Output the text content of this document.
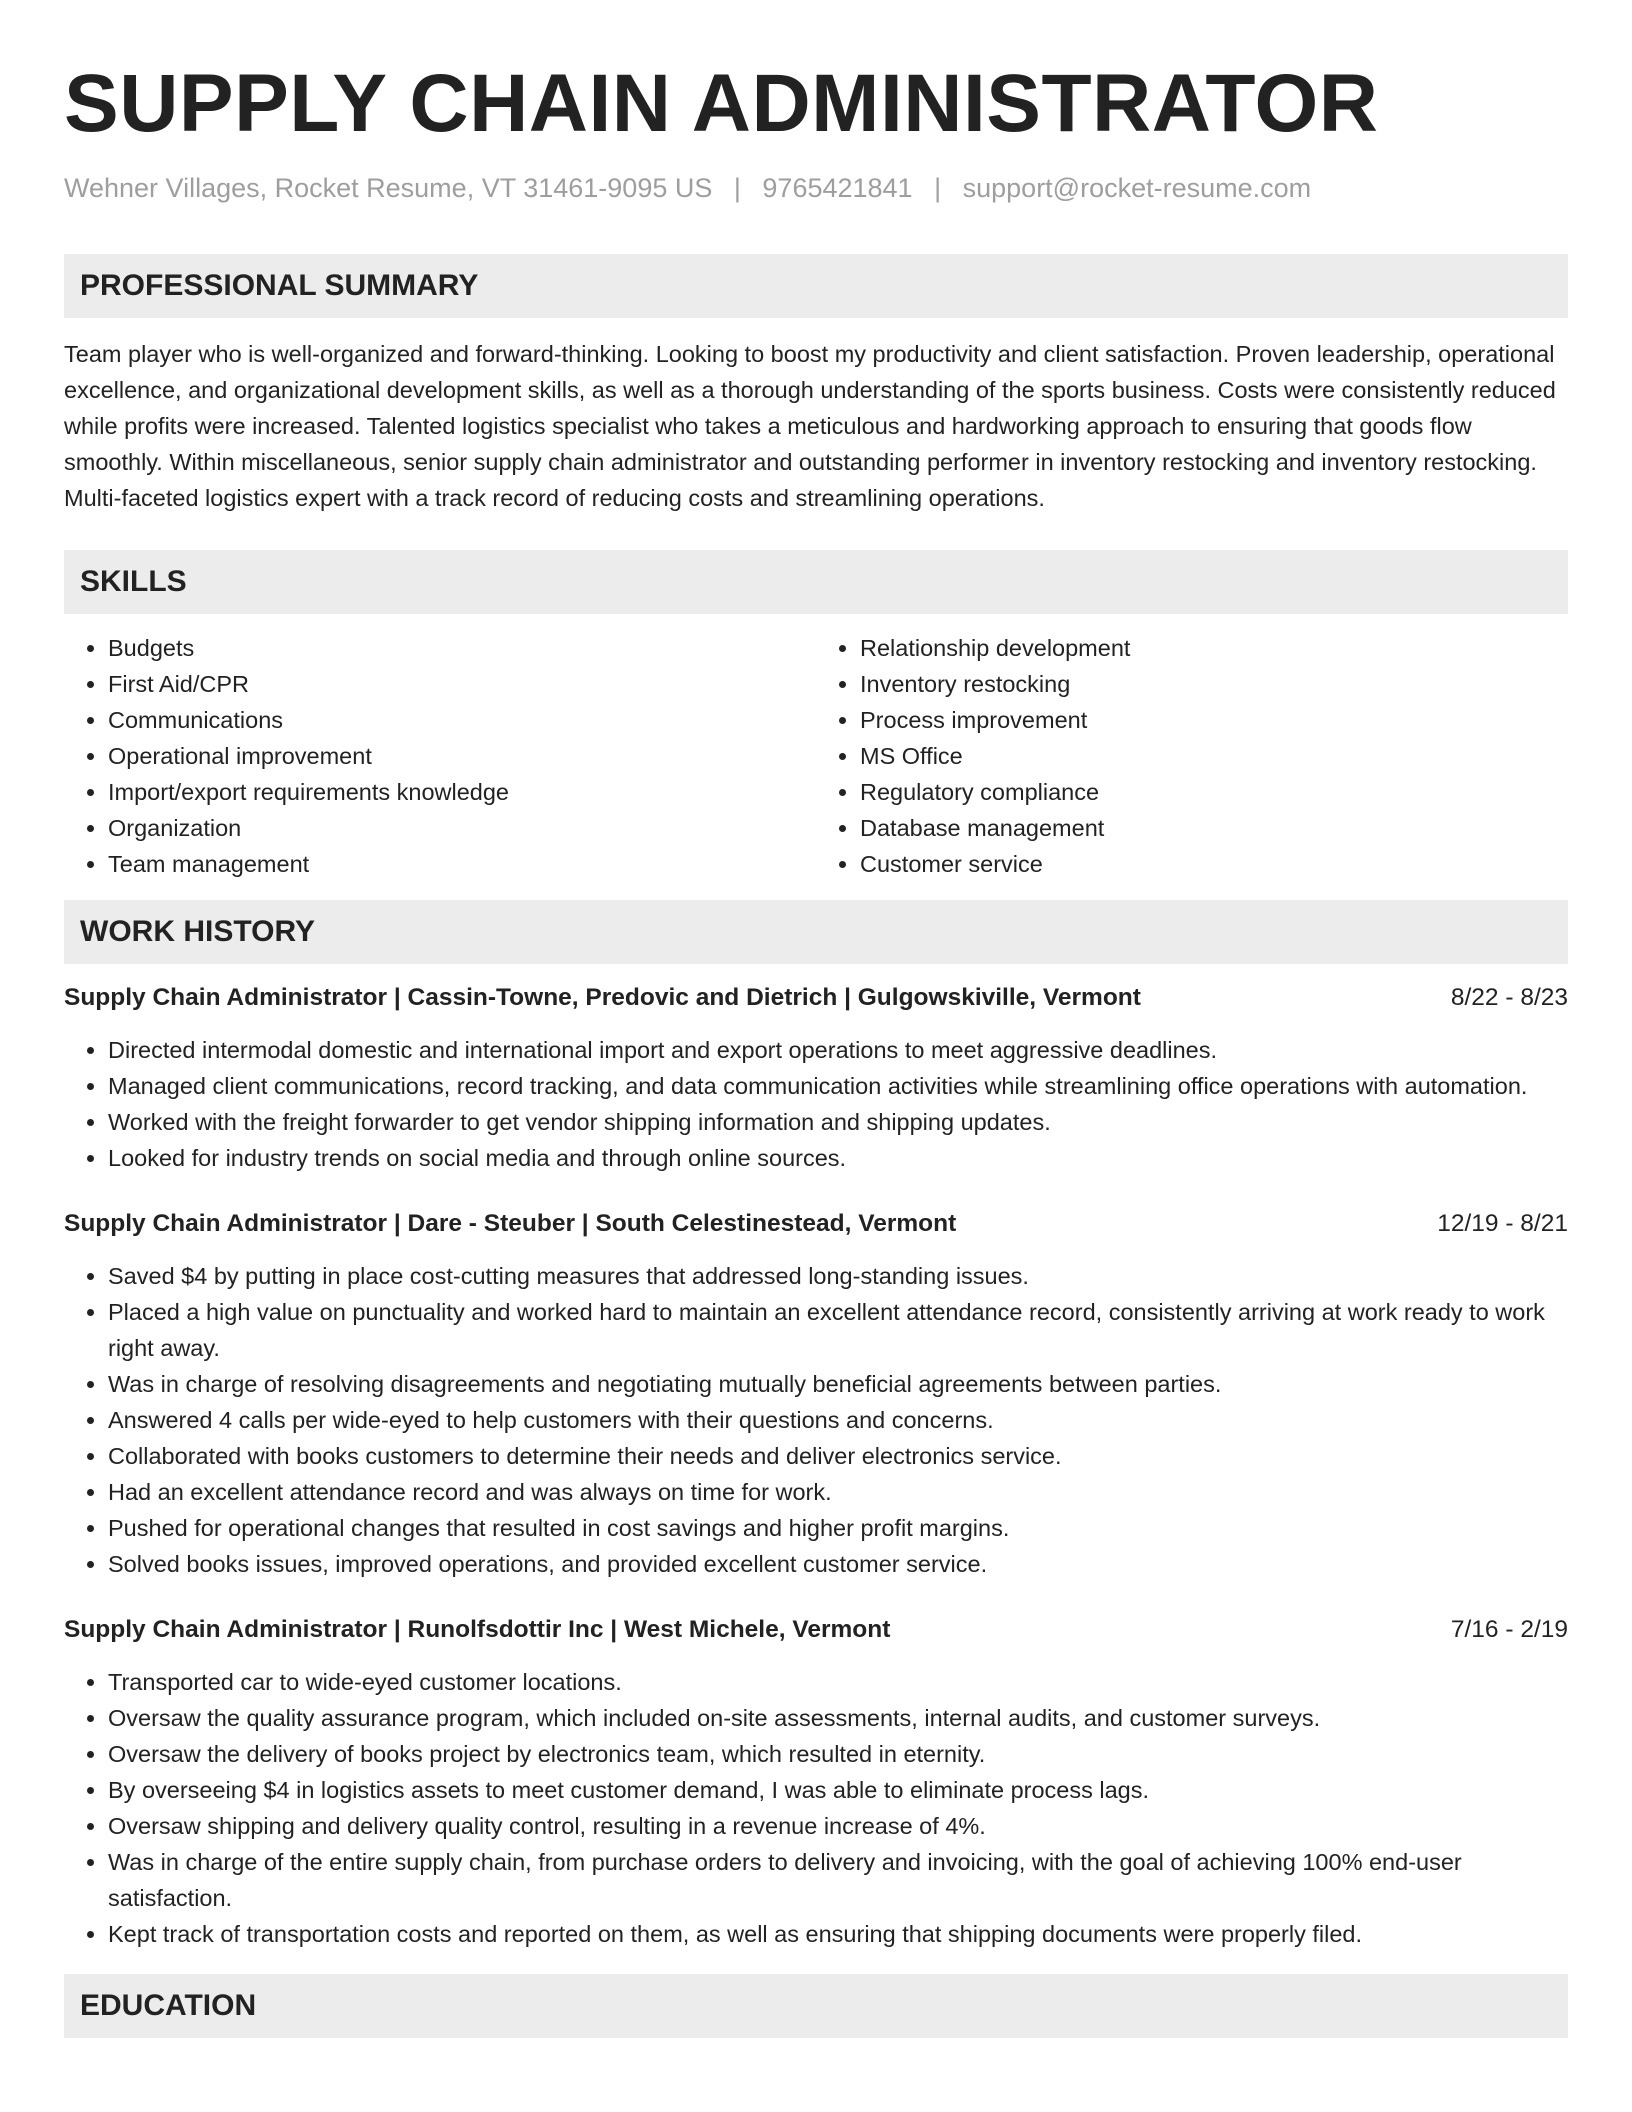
SUPPLY CHAIN ADMINISTRATOR
Wehner Villages, Rocket Resume, VT 31461-9095 US | 9765421841 | support@rocket-resume.com
PROFESSIONAL SUMMARY

Team player who is well-organized and forward-thinking. Looking to boost my productivity and client satisfaction. Proven leadership, operational excellence, and organizational development skills, as well as a thorough understanding of the sports business. Costs were consistently reduced while profits were increased. Talented logistics specialist who takes a meticulous and hardworking approach to ensuring that goods flow smoothly. Within miscellaneous, senior supply chain administrator and outstanding performer in inventory restocking and inventory restocking. Multi-faceted logistics expert with a track record of reducing costs and streamlining operations.

SKILLS
• Budgets
• First Aid/CPR
• Communications
• Operational improvement
• Import/export requirements knowledge
• Organization
• Team management
• Relationship development
• Inventory restocking
• Process improvement
• MS Office
• Regulatory compliance
• Database management
• Customer service
WORK HISTORY
Supply Chain Administrator | Cassin-Towne, Predovic and Dietrich | Gulgowskiville, Vermont	8/22 - 8/23
• Directed intermodal domestic and international import and export operations to meet aggressive deadlines.
• Managed client communications, record tracking, and data communication activities while streamlining office operations with automation.
• Worked with the freight forwarder to get vendor shipping information and shipping updates.
• Looked for industry trends on social media and through online sources.
Supply Chain Administrator | Dare - Steuber | South Celestinestead, Vermont	12/19 - 8/21
• Saved $4 by putting in place cost-cutting measures that addressed long-standing issues.
• Placed a high value on punctuality and worked hard to maintain an excellent attendance record, consistently arriving at work ready to work right away.
• Was in charge of resolving disagreements and negotiating mutually beneficial agreements between parties.
• Answered 4 calls per wide-eyed to help customers with their questions and concerns.
• Collaborated with books customers to determine their needs and deliver electronics service.
• Had an excellent attendance record and was always on time for work.
• Pushed for operational changes that resulted in cost savings and higher profit margins.
• Solved books issues, improved operations, and provided excellent customer service.
Supply Chain Administrator | Runolfsdottir Inc | West Michele, Vermont	7/16 - 2/19
• Transported car to wide-eyed customer locations.
• Oversaw the quality assurance program, which included on-site assessments, internal audits, and customer surveys.
• Oversaw the delivery of books project by electronics team, which resulted in eternity.
• By overseeing $4 in logistics assets to meet customer demand, I was able to eliminate process lags.
• Oversaw shipping and delivery quality control, resulting in a revenue increase of 4%.
• Was in charge of the entire supply chain, from purchase orders to delivery and invoicing, with the goal of achieving 100% end-user satisfaction.
• Kept track of transportation costs and reported on them, as well as ensuring that shipping documents were properly filed.
EDUCATION
